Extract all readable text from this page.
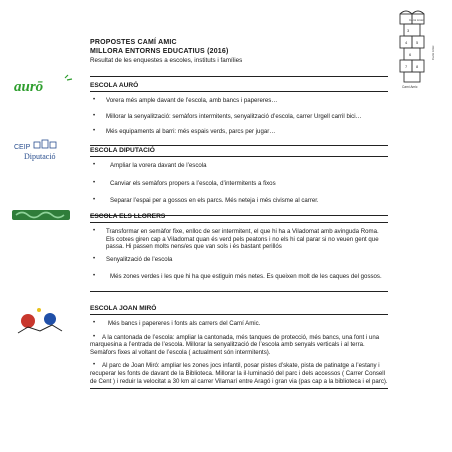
PROPOSTES CAMÍ AMIC
MILLORA ENTORNS EDUCATIUS (2016)
Resultat de les enquestes a escoles, instituts i famílies
3
4 5
6
7 8
Camí Amic
Camí Amic
Camí Amic
aurō
CEIP
Diputació
ESCOLA AURÓ
•	Vorera més ample davant de l’escola, amb bancs i papereres…
•	Millorar la senyalització: semàfors intermitents, senyalització d’escola, carrer Urgell carril bici…
•	Més equipaments al barri: més espais verds, parcs per jugar…
ESCOLA DIPUTACIÓ
•	Ampliar la vorera davant de l’escola
•	Canviar els semàfors propers a l’escola, d’intermitents a fixos
•	Separar l’espai per a gossos en els parcs. Més neteja i més civisme al carrer.
ESCOLA ELS LLORERS
•	Transformar en semàfor fixe, enlloc de ser intermitent, el que hi ha a Viladomat amb avinguda Roma. Els cotxes giren cap a Viladomat quan és verd pels peatons i no els hi cal parar si no veuen gent que passa. Hi passen molts nens/es que van sols i és bastant perillós
•	Senyalització de l’escola
•	Més zones verdes i les que hi ha que estiguin més netes. Es queixen molt de les caques del gossos.
ESCOLA JOAN MIRÓ
•	Més bancs i papereres i fonts als carrers del Camí Amic.
•	A la cantonada de l’escola: ampliar la cantonada, més tanques de protecció, més bancs, una font i una marquesina a l’entrada de l’escola. Millorar la senyalització de l’escola amb senyals verticals i al terra. Semàfors fixes al voltant de l’escola ( actualment són intermitents).
•	Al parc de Joan Miró: ampliar les zones jocs infantil, posar pistes d’skate, pista de patinatge a l’estany i recuperar les fonts de davant de la Biblioteca. Millorar la il·luminació del parc i dels accessos ( Carrer Consell de Cent ) i reduir la velocitat a 30 km al carrer Vilamarí entre Aragó i gran via (pas cap a la biblioteca i el parc).
